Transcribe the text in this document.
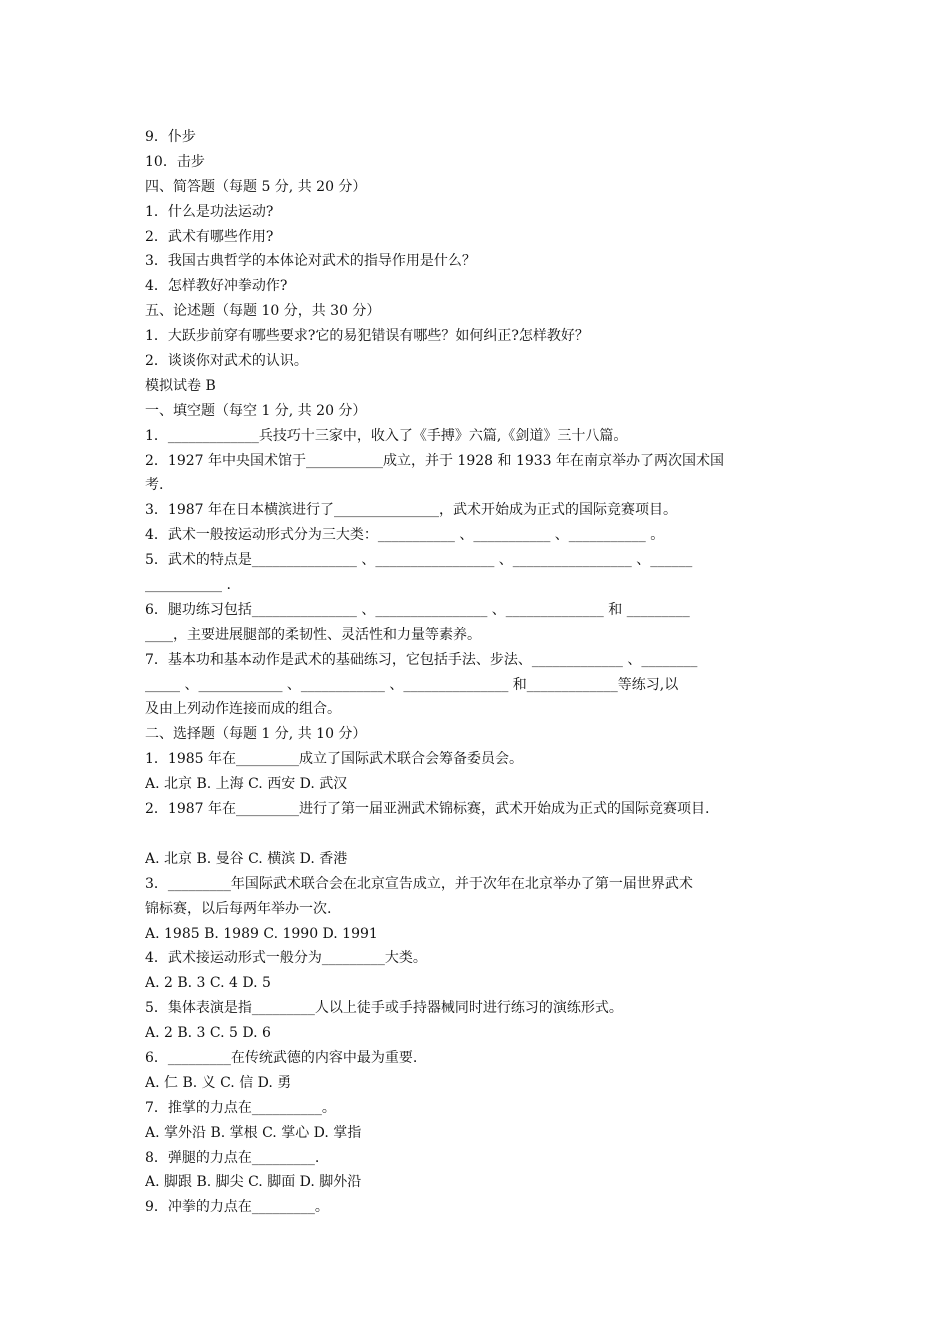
9．仆步
10．击步
四、简答题（每题 5 分, 共 20 分）
1．什么是功法运动?
2．武术有哪些作用?
3．我国古典哲学的本体论对武术的指导作用是什么？
4．怎样教好冲拳动作?
五、论述题（每题 10 分，共 30 分）
1．大跃步前穿有哪些要求?它的易犯错误有哪些？如何纠正?怎样教好？
2．谈谈你对武术的认识。
模拟试卷 B
一、填空题（每空 1 分, 共 20 分）
1．_____________兵技巧十三家中，收入了《手搏》六篇,《剑道》三十八篇。
2．1927 年中央国术馆于___________成立，并于 1928 和 1933 年在南京举办了两次国术国
考.
3．1987 年在日本横滨进行了_______________，武术开始成为正式的国际竞赛项目。
4．武术一般按运动形式分为三大类：___________ 、___________ 、___________ 。
5．武术的特点是_______________ 、_________________ 、_________________ 、______
___________ .
6．腿功练习包括_______________ 、________________ 、______________ 和 _________
____，主要进展腿部的柔韧性、灵活性和力量等素养。
7．基本功和基本动作是武术的基础练习，它包括手法、步法、_____________ 、________
_____ 、____________ 、____________ 、_______________ 和_____________等练习,以
及由上列动作连接而成的组合。
二、选择题（每题 1 分, 共 10 分）
1．1985 年在_________成立了国际武术联合会筹备委员会。
A. 北京 B. 上海 C. 西安 D. 武汉
2．1987 年在_________进行了第一届亚洲武术锦标赛，武术开始成为正式的国际竞赛项目.
A. 北京 B. 曼谷 C. 横滨 D. 香港
3．_________年国际武术联合会在北京宣告成立，并于次年在北京举办了第一届世界武术
锦标赛，以后每两年举办一次.
A. 1985 B. 1989 C. 1990 D. 1991
4．武术接运动形式一般分为_________大类。
A. 2 B. 3 C. 4 D. 5
5．集体表演是指_________人以上徒手或手持器械同时进行练习的演练形式。
A. 2 B. 3 C. 5 D. 6
6．_________在传统武德的内容中最为重要.
A. 仁 B. 义 C. 信 D. 勇
7．推掌的力点在__________。
A. 掌外沿 B. 掌根 C. 掌心 D. 掌指
8．弹腿的力点在_________.
A. 脚跟 B. 脚尖 C. 脚面 D. 脚外沿
9．冲拳的力点在_________。
